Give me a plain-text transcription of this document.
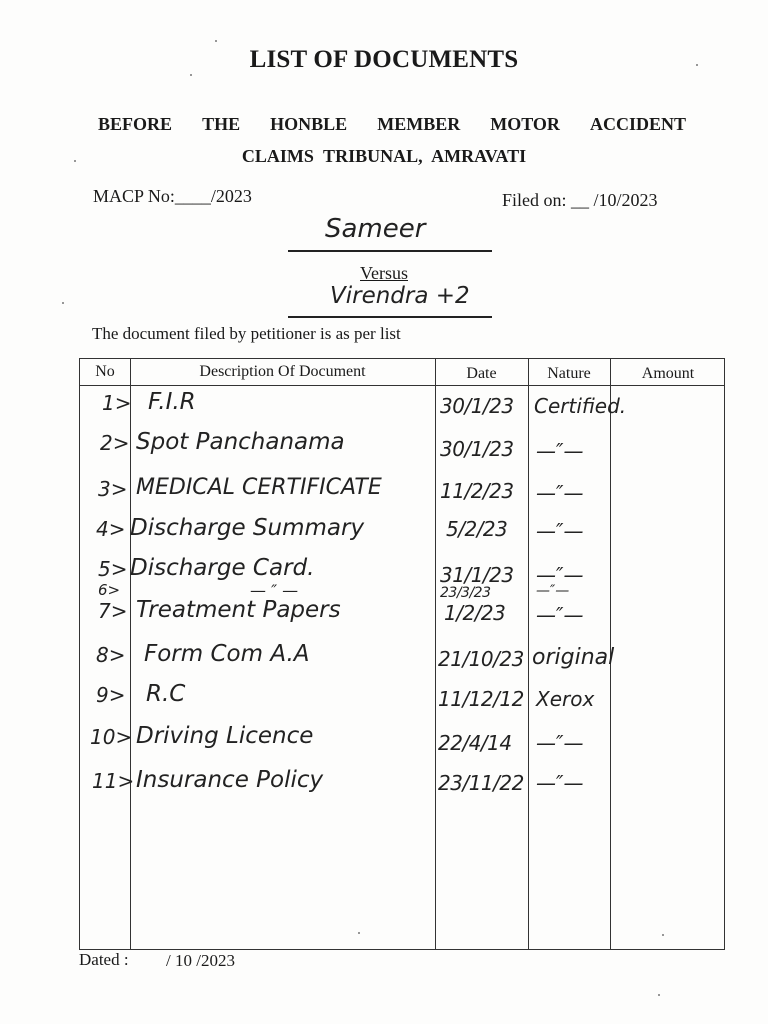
LIST OF DOCUMENTS
BEFORE THE HONBLE MEMBER MOTOR ACCIDENT
CLAIMS TRIBUNAL, AMRAVATI
MACP No:____/2023	Filed on: __ /10/2023
Sameer
Versus
Virendra +2
The document filed by petitioner is as per list
No	Description Of Document	Date	Nature	Amount
1> F.I.R	30/1/23 Certified.
2> Spot Panchanama	30/1/23 —″—
3> MEDICAL CERTIFICATE	11/2/23 —″—
4> Discharge Summary	5/2/23 —″—
5> Discharge Card.	31/1/23 —″—
6>	— ″ —	23/3/23	—″—
7> Treatment Papers	1/2/23 —″—
8> Form Com A.A	21/10/23 original
9> R.C	11/12/12 Xerox
10> Driving Licence	22/4/14 —″—
11> Insurance Policy	23/11/22 —″—
Dated : / 10 /2023
